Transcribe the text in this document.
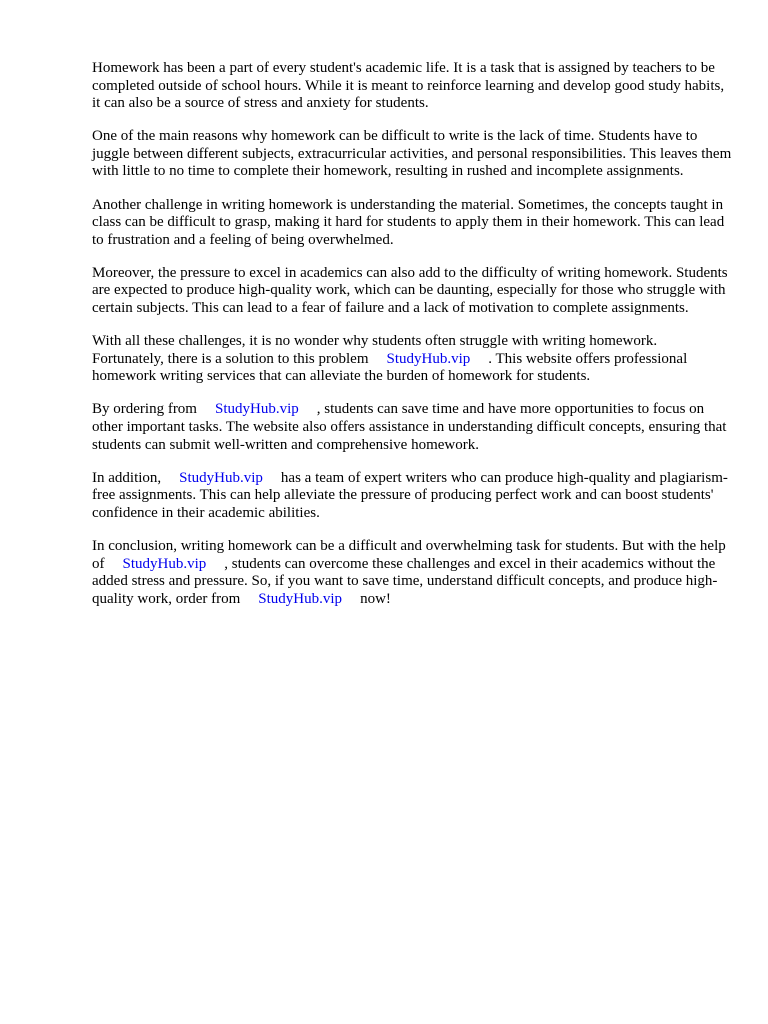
Homework has been a part of every student's academic life. It is a task that is assigned by teachers to be completed outside of school hours. While it is meant to reinforce learning and develop good study habits, it can also be a source of stress and anxiety for students.

One of the main reasons why homework can be difficult to write is the lack of time. Students have to juggle between different subjects, extracurricular activities, and personal responsibilities. This leaves them with little to no time to complete their homework, resulting in rushed and incomplete assignments.

Another challenge in writing homework is understanding the material. Sometimes, the concepts taught in class can be difficult to grasp, making it hard for students to apply them in their homework. This can lead to frustration and a feeling of being overwhelmed.

Moreover, the pressure to excel in academics can also add to the difficulty of writing homework. Students are expected to produce high-quality work, which can be daunting, especially for those who struggle with certain subjects. This can lead to a fear of failure and a lack of motivation to complete assignments.

With all these challenges, it is no wonder why students often struggle with writing homework. Fortunately, there is a solution to this problem StudyHub.vip . This website offers professional homework writing services that can alleviate the burden of homework for students.

By ordering from StudyHub.vip , students can save time and have more opportunities to focus on other important tasks. The website also offers assistance in understanding difficult concepts, ensuring that students can submit well-written and comprehensive homework.

In addition, StudyHub.vip has a team of expert writers who can produce high-quality and plagiarism-free assignments. This can help alleviate the pressure of producing perfect work and can boost students' confidence in their academic abilities.

In conclusion, writing homework can be a difficult and overwhelming task for students. But with the help of StudyHub.vip , students can overcome these challenges and excel in their academics without the added stress and pressure. So, if you want to save time, understand difficult concepts, and produce high-quality work, order from StudyHub.vip now!
